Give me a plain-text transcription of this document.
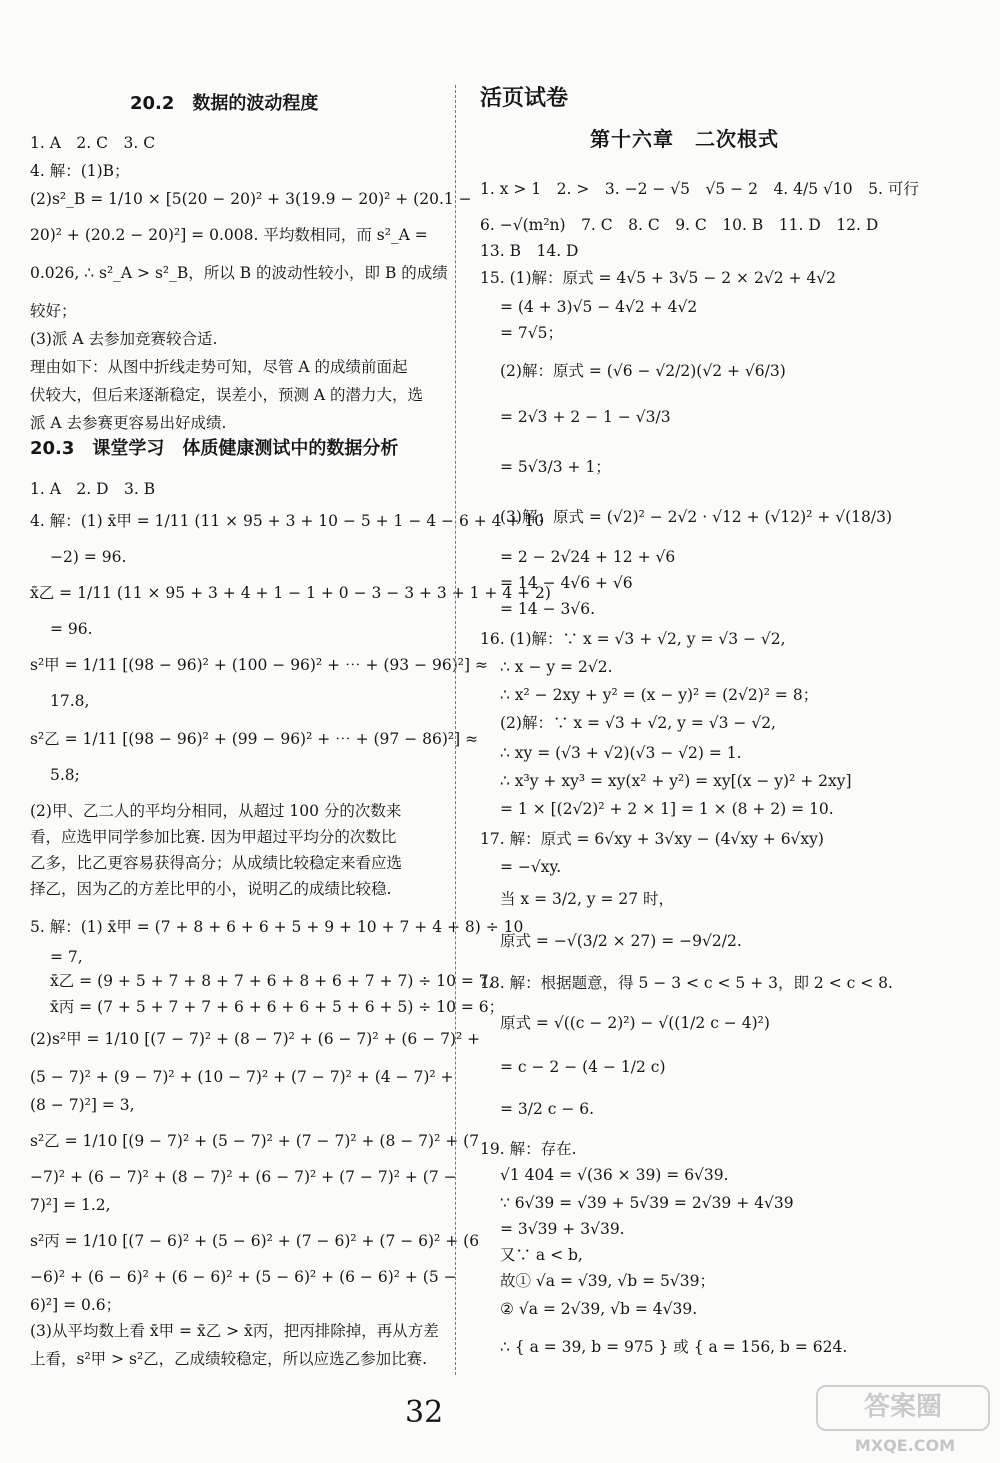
20.2　数据的波动程度
1. A　2. C　3. C
4. 解：(1)B；
(2)s²_B = 1/10 × [5(20 − 20)² + 3(19.9 − 20)² + (20.1 −
20)² + (20.2 − 20)²] = 0.008. 平均数相同，而 s²_A =
0.026, ∴ s²_A > s²_B，所以 B 的波动性较小，即 B 的成绩
较好；
(3)派 A 去参加竞赛较合适.
理由如下：从图中折线走势可知，尽管 A 的成绩前面起
伏较大，但后来逐渐稳定，误差小，预测 A 的潜力大，选
派 A 去参赛更容易出好成绩.
20.3　课堂学习　体质健康测试中的数据分析
1. A　2. D　3. B
4. 解：(1) x̄甲 = 1/11 (11 × 95 + 3 + 10 − 5 + 1 − 4 − 6 + 4 + 10
−2) = 96.
x̄乙 = 1/11 (11 × 95 + 3 + 4 + 1 − 1 + 0 − 3 − 3 + 3 + 1 + 4 + 2)
= 96.
s²甲 = 1/11 [(98 − 96)² + (100 − 96)² + ⋯ + (93 − 96)²] ≈
17.8,
s²乙 = 1/11 [(98 − 96)² + (99 − 96)² + ⋯ + (97 − 86)²] ≈
5.8;
(2)甲、乙二人的平均分相同，从超过 100 分的次数来
看，应选甲同学参加比赛. 因为甲超过平均分的次数比
乙多，比乙更容易获得高分；从成绩比较稳定来看应选
择乙，因为乙的方差比甲的小，说明乙的成绩比较稳.
5. 解：(1) x̄甲 = (7 + 8 + 6 + 6 + 5 + 9 + 10 + 7 + 4 + 8) ÷ 10
= 7,
x̄乙 = (9 + 5 + 7 + 8 + 7 + 6 + 8 + 6 + 7 + 7) ÷ 10 = 7,
x̄丙 = (7 + 5 + 7 + 7 + 6 + 6 + 6 + 5 + 6 + 5) ÷ 10 = 6；
(2)s²甲 = 1/10 [(7 − 7)² + (8 − 7)² + (6 − 7)² + (6 − 7)² +
(5 − 7)² + (9 − 7)² + (10 − 7)² + (7 − 7)² + (4 − 7)² +
(8 − 7)²] = 3,
s²乙 = 1/10 [(9 − 7)² + (5 − 7)² + (7 − 7)² + (8 − 7)² + (7
−7)² + (6 − 7)² + (8 − 7)² + (6 − 7)² + (7 − 7)² + (7 −
7)²] = 1.2,
s²丙 = 1/10 [(7 − 6)² + (5 − 6)² + (7 − 6)² + (7 − 6)² + (6
−6)² + (6 − 6)² + (6 − 6)² + (5 − 6)² + (6 − 6)² + (5 −
6)²] = 0.6；
(3)从平均数上看 x̄甲 = x̄乙 > x̄丙，把丙排除掉，再从方差
上看，s²甲 > s²乙，乙成绩较稳定，所以应选乙参加比赛.
活页试卷
第十六章　二次根式
1. x > 1　2. >　3. −2 − √5　√5 − 2　4. 4/5 √10　5. 可行
6. −√(m²n)　7. C　8. C　9. C　10. B　11. D　12. D
13. B　14. D
15. (1)解：原式 = 4√5 + 3√5 − 2 × 2√2 + 4√2
= (4 + 3)√5 − 4√2 + 4√2
= 7√5；
(2)解：原式 = (√6 − √2/2)(√2 + √6/3)
= 2√3 + 2 − 1 − √3/3
= 5√3/3 + 1；
(3)解：原式 = (√2)² − 2√2 · √12 + (√12)² + √(18/3)
= 2 − 2√24 + 12 + √6
= 14 − 4√6 + √6
= 14 − 3√6.
16. (1)解：∵ x = √3 + √2, y = √3 − √2,
∴ x − y = 2√2.
∴ x² − 2xy + y² = (x − y)² = (2√2)² = 8；
(2)解：∵ x = √3 + √2, y = √3 − √2,
∴ xy = (√3 + √2)(√3 − √2) = 1.
∴ x³y + xy³ = xy(x² + y²) = xy[(x − y)² + 2xy]
= 1 × [(2√2)² + 2 × 1] = 1 × (8 + 2) = 10.
17. 解：原式 = 6√xy + 3√xy − (4√xy + 6√xy)
= −√xy.
当 x = 3/2, y = 27 时，
原式 = −√(3/2 × 27) = −9√2/2.
18. 解：根据题意，得 5 − 3 < c < 5 + 3，即 2 < c < 8.
原式 = √((c − 2)²) − √((1/2 c − 4)²)
= c − 2 − (4 − 1/2 c)
= 3/2 c − 6.
19. 解：存在.
√1 404 = √(36 × 39) = 6√39.
∵ 6√39 = √39 + 5√39 = 2√39 + 4√39
= 3√39 + 3√39.
又∵ a < b,
故① √a = √39, √b = 5√39；
② √a = 2√39, √b = 4√39.
∴ { a = 39, b = 975 } 或 { a = 156, b = 624.
32	答案圈
MXQE.COM
